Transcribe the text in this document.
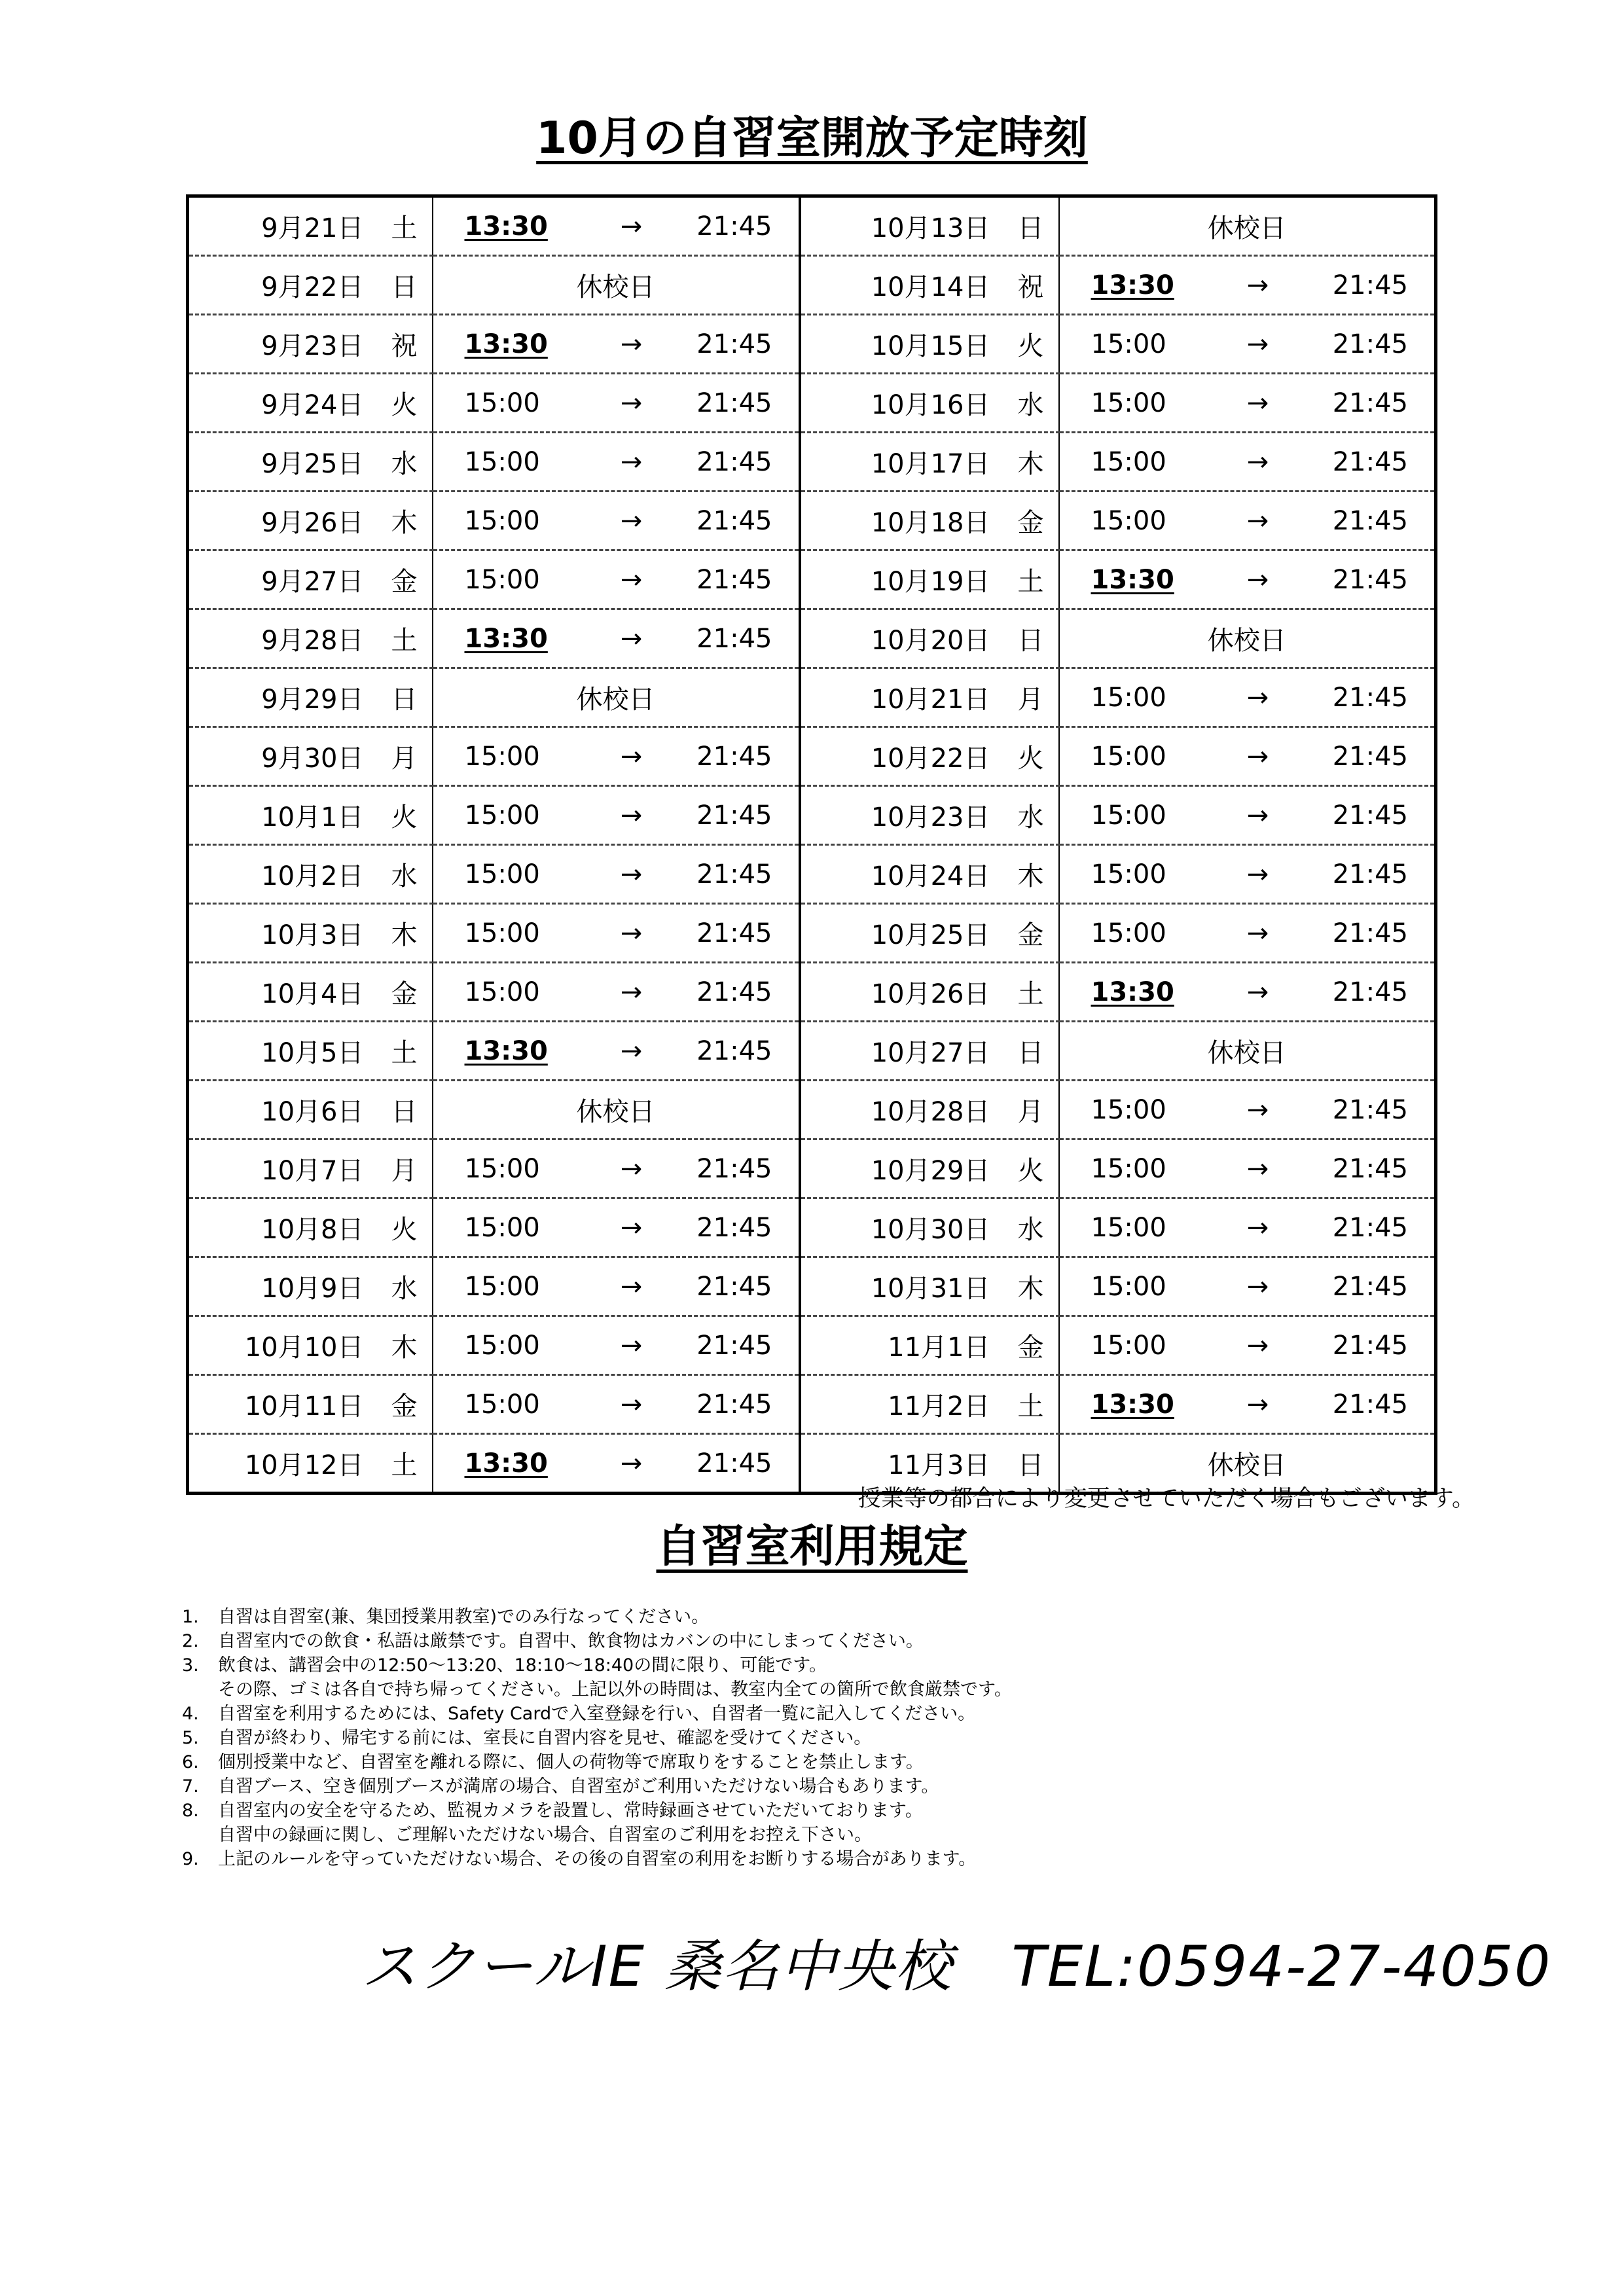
10月の自習室開放予定時刻
9月21日 土	13:30 → 21:45	10月13日 日	休校日

9月22日 日	休校日	10月14日 祝	13:30 → 21:45

9月23日 祝	13:30 → 21:45	10月15日 火	15:00 → 21:45

9月24日 火	15:00 → 21:45	10月16日 水	15:00 → 21:45

9月25日 水	15:00 → 21:45	10月17日 木	15:00 → 21:45

9月26日 木	15:00 → 21:45	10月18日 金	15:00 → 21:45

9月27日 金	15:00 → 21:45	10月19日 土	13:30 → 21:45

9月28日 土	13:30 → 21:45	10月20日 日	休校日

9月29日 日	休校日	10月21日 月	15:00 → 21:45

9月30日 月	15:00 → 21:45	10月22日 火	15:00 → 21:45

10月1日 火	15:00 → 21:45	10月23日 水	15:00 → 21:45

10月2日 水	15:00 → 21:45	10月24日 木	15:00 → 21:45

10月3日 木	15:00 → 21:45	10月25日 金	15:00 → 21:45

10月4日 金	15:00 → 21:45	10月26日 土	13:30 → 21:45

10月5日 土	13:30 → 21:45	10月27日 日	休校日

10月6日 日	休校日	10月28日 月	15:00 → 21:45

10月7日 月	15:00 → 21:45	10月29日 火	15:00 → 21:45

10月8日 火	15:00 → 21:45	10月30日 水	15:00 → 21:45

10月9日 水	15:00 → 21:45	10月31日 木	15:00 → 21:45

10月10日 木	15:00 → 21:45	11月1日 金	15:00 → 21:45

10月11日 金	15:00 → 21:45	11月2日 土	13:30 → 21:45

10月12日 土	13:30 → 21:45	11月3日 日	休校日
授業等の都合により変更させていただく場合もございます。
自習室利用規定
1.	自習は自習室(兼、集団授業用教室)でのみ行なってください。
2.	自習室内での飲食・私語は厳禁です。自習中、飲食物はカバンの中にしまってください。
3.	飲食は、講習会中の12:50～13:20、18:10～18:40の間に限り、可能です。
その際、ゴミは各自で持ち帰ってください。上記以外の時間は、教室内全ての箇所で飲食厳禁です。
4.	自習室を利用するためには、Safety Cardで入室登録を行い、自習者一覧に記入してください。
5.	自習が終わり、帰宅する前には、室長に自習内容を見せ、確認を受けてください。
6.	個別授業中など、自習室を離れる際に、個人の荷物等で席取りをすることを禁止します。
7.	自習ブース、空き個別ブースが満席の場合、自習室がご利用いただけない場合もあります。
8.	自習室内の安全を守るため、監視カメラを設置し、常時録画させていただいております。
自習中の録画に関し、ご理解いただけない場合、自習室のご利用をお控え下さい。
9.	上記のルールを守っていただけない場合、その後の自習室の利用をお断りする場合があります。
スクールIE 桑名中央校 TEL:0594-27-4050
